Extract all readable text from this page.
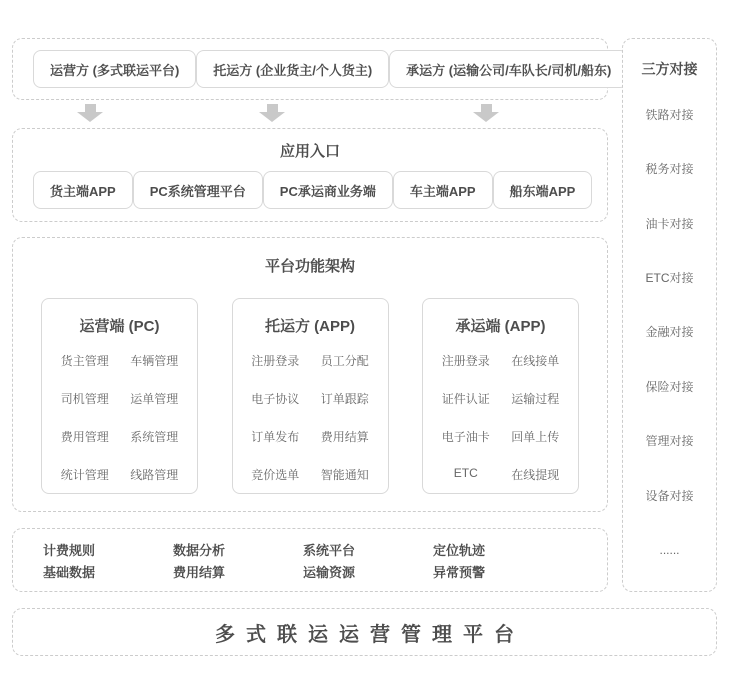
运营方 (多式联运平台)	托运方 (企业货主/个人货主)	承运方 (运输公司/车队长/司机/船东)
应用入口
货主端APP	PC系统管理平台	PC承运商业务端	车主端APP	船东端APP
平台功能架构
运营端 (PC)
货主管理 车辆管理
司机管理 运单管理
费用管理 系统管理
统计管理 线路管理
托运方 (APP)
注册登录 员工分配
电子协议 订单跟踪
订单发布 费用结算
竞价选单 智能通知
承运端 (APP)
注册登录 在线接单
证件认证 运输过程
电子油卡 回单上传
ETC	在线提现
计费规则	数据分析	系统平台	定位轨迹
基础数据	费用结算	运输资源	异常预警
三方对接
铁路对接
税务对接
油卡对接
ETC对接
金融对接
保险对接
管理对接
设备对接
......
多式联运运营管理平台
